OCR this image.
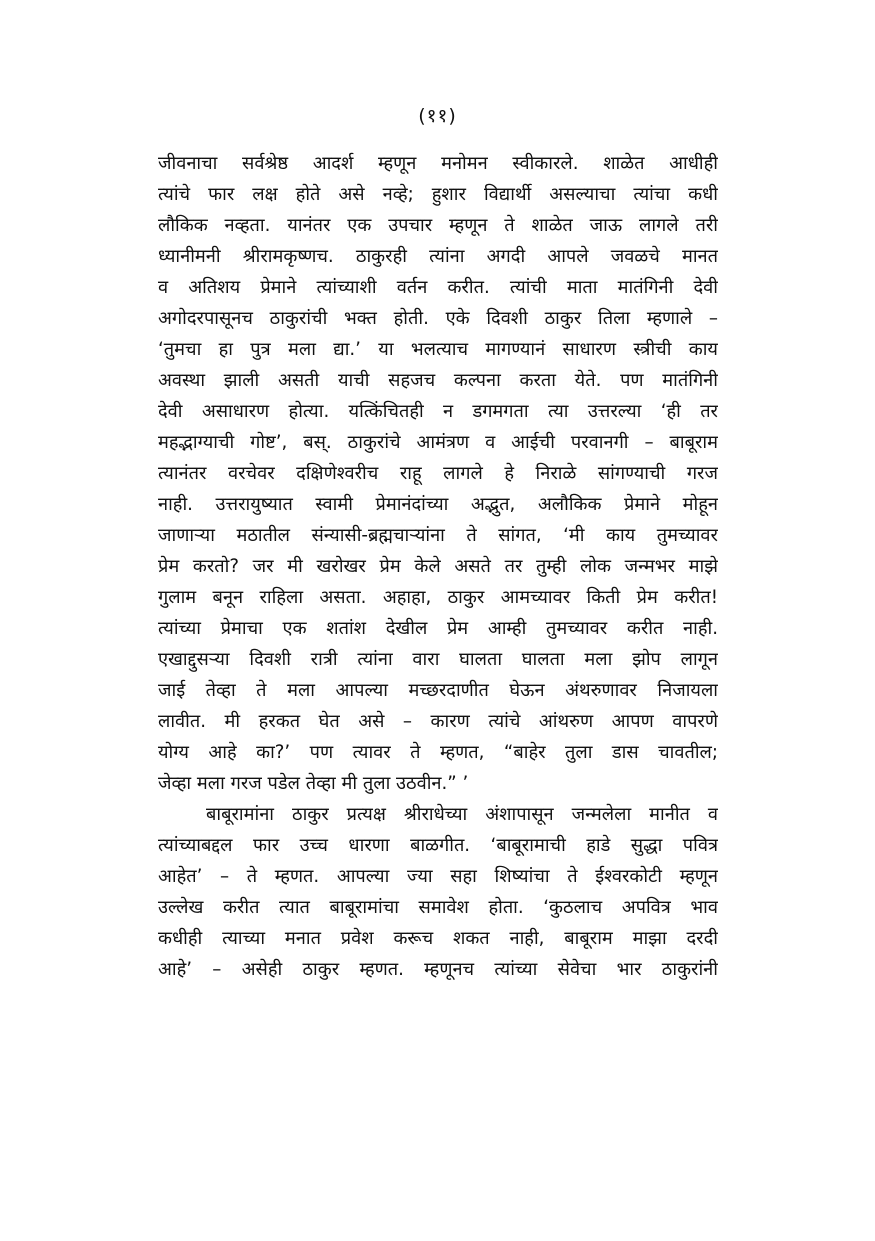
(११)
जीवनाचा सर्वश्रेष्ठ आदर्श म्हणून मनोमन स्वीकारले. शाळेत आधीही
त्यांचे फार लक्ष होते असे नव्हे; हुशार विद्यार्थी असल्याचा त्यांचा कधी
लौकिक नव्हता. यानंतर एक उपचार म्हणून ते शाळेत जाऊ लागले तरी
ध्यानीमनी श्रीरामकृष्णच. ठाकुरही त्यांना अगदी आपले जवळचे मानत
व अतिशय प्रेमाने त्यांच्याशी वर्तन करीत. त्यांची माता मातंगिनी देवी
अगोदरपासूनच ठाकुरांची भक्त होती. एके दिवशी ठाकुर तिला म्हणाले –
‘तुमचा हा पुत्र मला द्या.’ या भलत्याच मागण्यानं साधारण स्त्रीची काय
अवस्था झाली असती याची सहजच कल्पना करता येते. पण मातंगिनी
देवी असाधारण होत्या. यत्किंचितही न डगमगता त्या उत्तरल्या ‘ही तर
महद्भाग्याची गोष्ट’, बस्. ठाकुरांचे आमंत्रण व आईची परवानगी – बाबूराम
त्यानंतर वरचेवर दक्षिणेश्वरीच राहू लागले हे निराळे सांगण्याची गरज
नाही. उत्तरायुष्यात स्वामी प्रेमानंदांच्या अद्भुत, अलौकिक प्रेमाने मोहून
जाणाऱ्या मठातील संन्यासी-ब्रह्मचाऱ्यांना ते सांगत, ‘मी काय तुमच्यावर
प्रेम करतो? जर मी खरोखर प्रेम केले असते तर तुम्ही लोक जन्मभर माझे
गुलाम बनून राहिला असता. अहाहा, ठाकुर आमच्यावर किती प्रेम करीत!
त्यांच्या प्रेमाचा एक शतांश देखील प्रेम आम्ही तुमच्यावर करीत नाही.
एखाद्दुसऱ्या दिवशी रात्री त्यांना वारा घालता घालता मला झोप लागून
जाई तेव्हा ते मला आपल्या मच्छरदाणीत घेऊन अंथरुणावर निजायला
लावीत. मी हरकत घेत असे – कारण त्यांचे आंथरुण आपण वापरणे
योग्य आहे का?’ पण त्यावर ते म्हणत, “बाहेर तुला डास चावतील;
जेव्हा मला गरज पडेल तेव्हा मी तुला उठवीन.” ’
बाबूरामांना ठाकुर प्रत्यक्ष श्रीराधेच्या अंशापासून जन्मलेला मानीत व
त्यांच्याबद्दल फार उच्च धारणा बाळगीत. ‘बाबूरामाची हाडे सुद्धा पवित्र
आहेत’ – ते म्हणत. आपल्या ज्या सहा शिष्यांचा ते ईश्वरकोटी म्हणून
उल्लेख करीत त्यात बाबूरामांचा समावेश होता. ‘कुठलाच अपवित्र भाव
कधीही त्याच्या मनात प्रवेश करूच शकत नाही, बाबूराम माझा दरदी
आहे’ – असेही ठाकुर म्हणत. म्हणूनच त्यांच्या सेवेचा भार ठाकुरांनी
